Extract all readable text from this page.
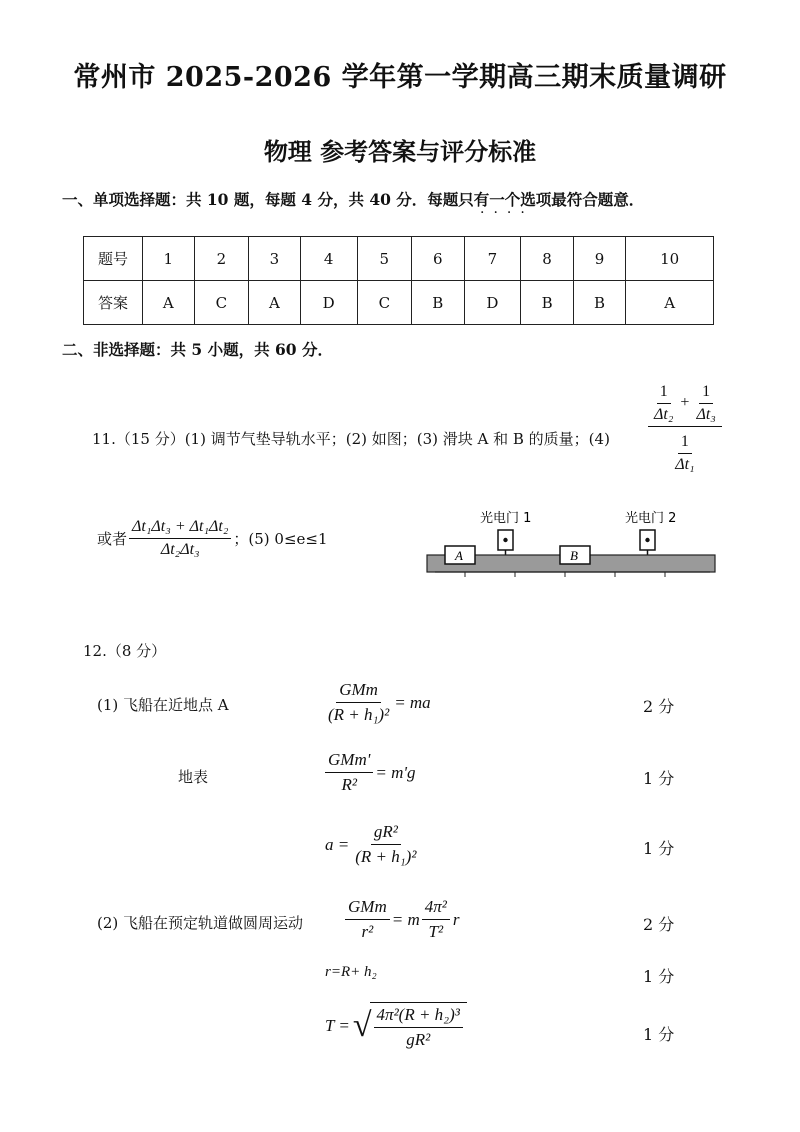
常州市 2025-2026 学年第一学期高三期末质量调研
物理 参考答案与评分标准
一、单项选择题：共 10 题，每题 4 分，共 40 分．每题只有一个选项最符合题意．
····
题号	1	2	3	4	5	6	7	8	9	10
答案	A	C	A	D	C	B	D	B	B	A
二、非选择题：共 5 小题，共 60 分．
11.（15 分）(1) 调节气垫导轨水平；(2) 如图；(3) 滑块 A 和 B 的质量；$(4) \frac{\frac{1}{\text{Δt₂}} + \frac{1}{\text{Δt₃}}}{\frac{1}{\text{Δt₁}}}$
或者 $\frac{\text{Δt₁Δt₃ + Δt₁Δt₂}}{\text{Δt₂Δt₃}}$ ；(5) 0≤e≤1
光电门 1	光电门 2
A	B
12.（8 分）
(1) 飞船在近地点 A	$\frac{\text{GMm}}{\text{(R + h₁)²}}$ = ma	2 分
地表	$\frac{\text{GMm'}}{\text{R²}} = m'g$	1 分
$a = \frac{\text{gR²}}{\text{(R + h₁)²}}$	1 分
(2) 飞船在预定轨道做圆周运动 $\frac{\text{GMm}}{\text{r²}} = m \frac{\text{4π²}}{\text{T²}}$ r	2 分
r=R+ h₂	1 分
T = √ $\frac{\text{4π²(R + h₂)³}}{\text{gR²}}$	1 分
